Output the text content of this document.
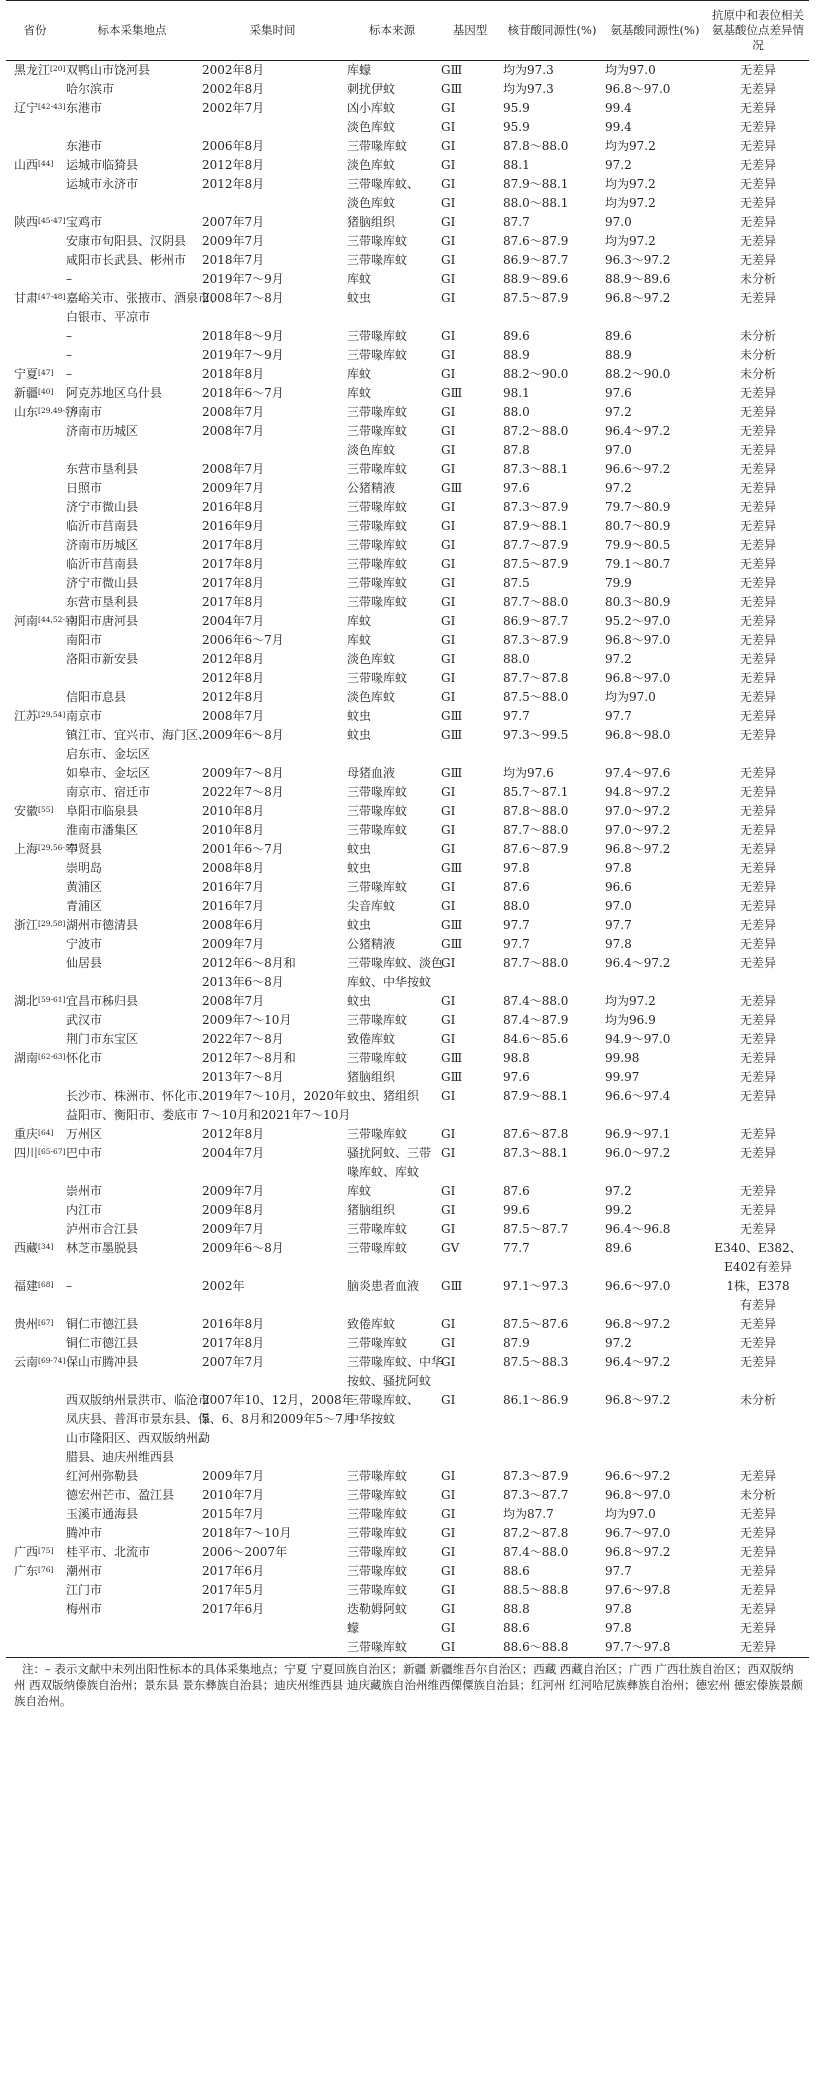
省份	标本采集地点	采集时间	标本来源	基因型	核苷酸同源性(%)	氨基酸同源性(%)	抗原中和表位相关氨基酸位点差异情况
黑龙江[20]	双鸭山市饶河县	2002年8月	库蠓	GⅢ	均为97.3	均为97.0	无差异
	哈尔滨市	2002年8月	刺扰伊蚊	GⅢ	均为97.3	96.8～97.0	无差异
辽宁[42-43]	东港市	2002年7月	凶小库蚊	GⅠ	95.9	99.4	无差异
			淡色库蚊	GⅠ	95.9	99.4	无差异
	东港市	2006年8月	三带喙库蚊	GⅠ	87.8～88.0	均为97.2	无差异
山西[44]	运城市临猗县	2012年8月	淡色库蚊	GⅠ	88.1	97.2	无差异
	运城市永济市	2012年8月	三带喙库蚊、	GⅠ	87.9～88.1	均为97.2	无差异
			淡色库蚊	GⅠ	88.0～88.1	均为97.2	无差异
陕西[45-47]	宝鸡市	2007年7月	猪脑组织	GⅠ	87.7	97.0	无差异
	安康市旬阳县、汉阴县	2009年7月	三带喙库蚊	GⅠ	87.6～87.9	均为97.2	无差异
	咸阳市长武县、彬州市	2018年7月	三带喙库蚊	GⅠ	86.9～87.7	96.3～97.2	无差异
	–	2019年7～9月	库蚊	GⅠ	88.9～89.6	88.9～89.6	未分析
甘肃[47-48]	嘉峪关市、张掖市、酒泉市、	2008年7～8月	蚊虫	GⅠ	87.5～87.9	96.8～97.2	无差异
	白银市、平凉市						
	–	2018年8～9月	三带喙库蚊	GⅠ	89.6	89.6	未分析
	–	2019年7～9月	三带喙库蚊	GⅠ	88.9	88.9	未分析
宁夏[47]	–	2018年8月	库蚊	GⅠ	88.2～90.0	88.2～90.0	未分析
新疆[40]	阿克苏地区乌什县	2018年6～7月	库蚊	GⅢ	98.1	97.6	无差异
山东[29,49-51]	济南市	2008年7月	三带喙库蚊	GⅠ	88.0	97.2	无差异
	济南市历城区	2008年7月	三带喙库蚊	GⅠ	87.2～88.0	96.4～97.2	无差异
			淡色库蚊	GⅠ	87.8	97.0	无差异
	东营市垦利县	2008年7月	三带喙库蚊	GⅠ	87.3～88.1	96.6～97.2	无差异
	日照市	2009年7月	公猪精液	GⅢ	97.6	97.2	无差异
	济宁市微山县	2016年8月	三带喙库蚊	GⅠ	87.3～87.9	79.7～80.9	无差异
	临沂市莒南县	2016年9月	三带喙库蚊	GⅠ	87.9～88.1	80.7～80.9	无差异
	济南市历城区	2017年8月	三带喙库蚊	GⅠ	87.7～87.9	79.9～80.5	无差异
	临沂市莒南县	2017年8月	三带喙库蚊	GⅠ	87.5～87.9	79.1～80.7	无差异
	济宁市微山县	2017年8月	三带喙库蚊	GⅠ	87.5	79.9	无差异
	东营市垦利县	2017年8月	三带喙库蚊	GⅠ	87.7～88.0	80.3～80.9	无差异
河南[44,52-53]	南阳市唐河县	2004年7月	库蚊	GⅠ	86.9～87.7	95.2～97.0	无差异
	南阳市	2006年6～7月	库蚊	GⅠ	87.3～87.9	96.8～97.0	无差异
	洛阳市新安县	2012年8月	淡色库蚊	GⅠ	88.0	97.2	无差异
		2012年8月	三带喙库蚊	GⅠ	87.7～87.8	96.8～97.0	无差异
	信阳市息县	2012年8月	淡色库蚊	GⅠ	87.5～88.0	均为97.0	无差异
江苏[29,54]	南京市	2008年7月	蚊虫	GⅢ	97.7	97.7	无差异
	镇江市、宜兴市、海门区、	2009年6～8月	蚊虫	GⅢ	97.3～99.5	96.8～98.0	无差异
	启东市、金坛区						
	如皋市、金坛区	2009年7～8月	母猪血液	GⅢ	均为97.6	97.4～97.6	无差异
	南京市、宿迁市	2022年7～8月	三带喙库蚊	GⅠ	85.7～87.1	94.8～97.2	无差异
安徽[55]	阜阳市临泉县	2010年8月	三带喙库蚊	GⅠ	87.8～88.0	97.0～97.2	无差异
	淮南市潘集区	2010年8月	三带喙库蚊	GⅠ	87.7～88.0	97.0～97.2	无差异
上海[29,56-57]	奉贤县	2001年6～7月	蚊虫	GⅠ	87.6～87.9	96.8～97.2	无差异
	崇明岛	2008年8月	蚊虫	GⅢ	97.8	97.8	无差异
	黄浦区	2016年7月	三带喙库蚊	GⅠ	87.6	96.6	无差异
	青浦区	2016年7月	尖音库蚊	GⅠ	88.0	97.0	无差异
浙江[29,58]	湖州市德清县	2008年6月	蚊虫	GⅢ	97.7	97.7	无差异
	宁波市	2009年7月	公猪精液	GⅢ	97.7	97.8	无差异
	仙居县	2012年6～8月和	三带喙库蚊、淡色	GⅠ	87.7～88.0	96.4～97.2	无差异
		2013年6～8月	库蚊、中华按蚊				
湖北[59-61]	宜昌市秭归县	2008年7月	蚊虫	GⅠ	87.4～88.0	均为97.2	无差异
	武汉市	2009年7～10月	三带喙库蚊	GⅠ	87.4～87.9	均为96.9	无差异
	荆门市东宝区	2022年7～8月	致倦库蚊	GⅠ	84.6～85.6	94.9～97.0	无差异
湖南[62-63]	怀化市	2012年7～8月和	三带喙库蚊	GⅢ	98.8	99.98	无差异
		2013年7～8月	猪脑组织	GⅢ	97.6	99.97	无差异
	长沙市、株洲市、怀化市、	2019年7～10月，2020年	蚊虫、猪组织	GⅠ	87.9～88.1	96.6～97.4	无差异
	益阳市、衡阳市、娄底市	7～10月和2021年7～10月					
重庆[64]	万州区	2012年8月	三带喙库蚊	GⅠ	87.6～87.8	96.9～97.1	无差异
四川[65-67]	巴中市	2004年7月	骚扰阿蚊、三带	GⅠ	87.3～88.1	96.0～97.2	无差异
			喙库蚊、库蚊				
	崇州市	2009年7月	库蚊	GⅠ	87.6	97.2	无差异
	内江市	2009年8月	猪脑组织	GⅠ	99.6	99.2	无差异
	泸州市合江县	2009年7月	三带喙库蚊	GⅠ	87.5～87.7	96.4～96.8	无差异
西藏[34]	林芝市墨脱县	2009年6～8月	三带喙库蚊	GⅤ	77.7	89.6	E340、E382、
							E402有差异
福建[68]	–	2002年	脑炎患者血液	GⅢ	97.1～97.3	96.6～97.0	1株，E378
							有差异
贵州[67]	铜仁市德江县	2016年8月	致倦库蚊	GⅠ	87.5～87.6	96.8～97.2	无差异
	铜仁市德江县	2017年8月	三带喙库蚊	GⅠ	87.9	97.2	无差异
云南[69-74]	保山市腾冲县	2007年7月	三带喙库蚊、中华	GⅠ	87.5～88.3	96.4～97.2	无差异
			按蚊、骚扰阿蚊				
	西双版纳州景洪市、临沧市	2007年10、12月，2008年	三带喙库蚊、	GⅠ	86.1～86.9	96.8～97.2	未分析
	凤庆县、普洱市景东县、保	5、6、8月和2009年5～7月	中华按蚊				
	山市隆阳区、西双版纳州勐						
	腊县、迪庆州维西县						
	红河州弥勒县	2009年7月	三带喙库蚊	GⅠ	87.3～87.9	96.6～97.2	无差异
	德宏州芒市、盈江县	2010年7月	三带喙库蚊	GⅠ	87.3～87.7	96.8～97.0	未分析
	玉溪市通海县	2015年7月	三带喙库蚊	GⅠ	均为87.7	均为97.0	无差异
	腾冲市	2018年7～10月	三带喙库蚊	GⅠ	87.2～87.8	96.7～97.0	无差异
广西[75]	桂平市、北流市	2006～2007年	三带喙库蚊	GⅠ	87.4～88.0	96.8～97.2	无差异
广东[76]	潮州市	2017年6月	三带喙库蚊	GⅠ	88.6	97.7	无差异
	江门市	2017年5月	三带喙库蚊	GⅠ	88.5～88.8	97.6～97.8	无差异
	梅州市	2017年6月	迭勒姆阿蚊	GⅠ	88.8	97.8	无差异
			蠓	GⅠ	88.6	97.8	无差异
			三带喙库蚊	GⅠ	88.6～88.8	97.7～97.8	无差异
注：– 表示文献中未列出阳性标本的具体采集地点；宁夏 宁夏回族自治区；新疆 新疆维吾尔自治区；西藏 西藏自治区；广西 广西壮族自治区；西双版纳州 西双版纳傣族自治州；景东县 景东彝族自治县；迪庆州维西县 迪庆藏族自治州维西傈僳族自治县；红河州 红河哈尼族彝族自治州；德宏州 德宏傣族景颇族自治州。
